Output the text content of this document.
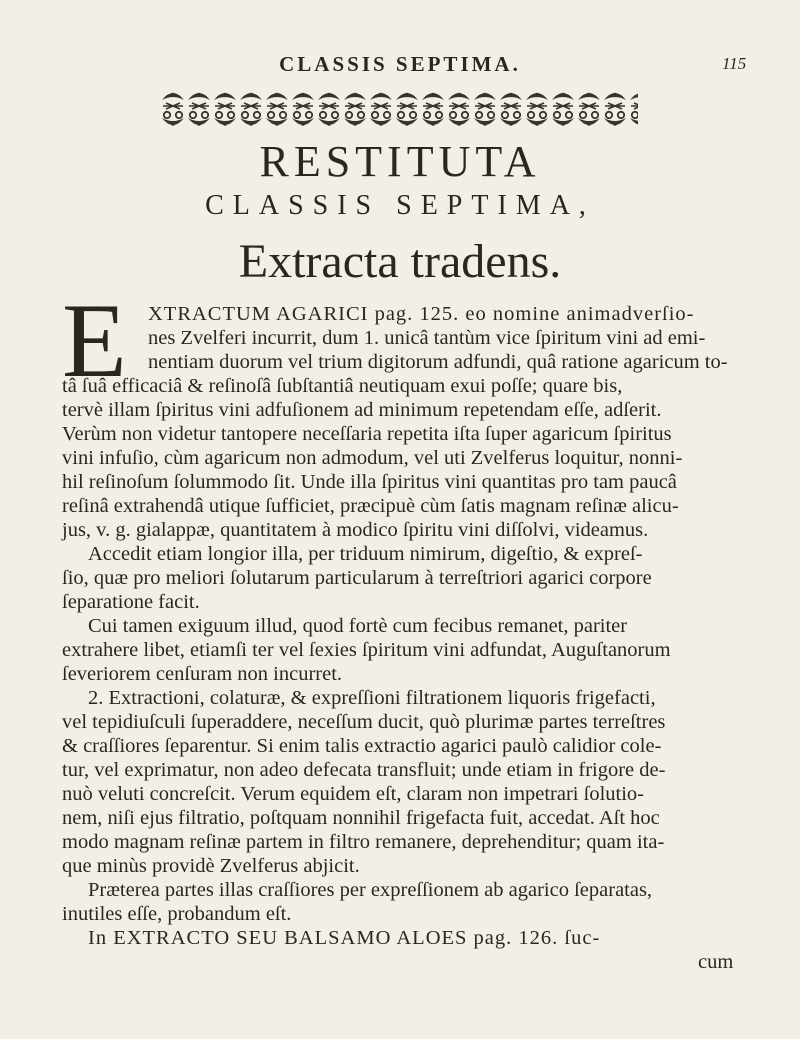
CLASSIS SEPTIMA.	115
RESTITUTA
CLASSIS SEPTIMA,
Extracta tradens.
E XTRACTUM AGARICI pag. 125. eo nomine animadverſio-
nes Zvelferi incurrit, dum 1. unicâ tantùm vice ſpiritum vini ad emi-
nentiam duorum vel trium digitorum adfundi, quâ ratione agaricum to-
tâ ſuâ efficaciâ & reſinoſâ ſubſtantiâ neutiquam exui poſſe; quare bis,
tervè illam ſpiritus vini adfuſionem ad minimum repetendam eſſe, adſerit.
Verùm non videtur tantopere neceſſaria repetita iſta ſuper agaricum ſpiritus
vini infuſio, cùm agaricum non admodum, vel uti Zvelferus loquitur, nonni-
hil reſinoſum ſolummodo ſit. Unde illa ſpiritus vini quantitas pro tam paucâ
reſinâ extrahendâ utique ſufficiet, præcipuè cùm ſatis magnam reſinæ alicu-
jus, v. g. gialappæ, quantitatem à modico ſpiritu vini diſſolvi, videamus.
Accedit etiam longior illa, per triduum nimirum, digeſtio, & expreſ-
ſio, quæ pro meliori ſolutarum particularum à terreſtriori agarici corpore
ſeparatione facit.
Cui tamen exiguum illud, quod fortè cum fecibus remanet, pariter
extrahere libet, etiamſi ter vel ſexies ſpiritum vini adfundat, Auguſtanorum
ſeveriorem cenſuram non incurret.
2. Extractioni, colaturæ, & expreſſioni filtrationem liquoris frigefacti,
vel tepidiuſculi ſuperaddere, neceſſum ducit, quò plurimæ partes terreſtres
& craſſiores ſeparentur. Si enim talis extractio agarici paulò calidior cole-
tur, vel exprimatur, non adeo defecata transfluit; unde etiam in frigore de-
nuò veluti concreſcit. Verum equidem eſt, claram non impetrari ſolutio-
nem, niſi ejus filtratio, poſtquam nonnihil frigefacta fuit, accedat. Aſt hoc
modo magnam reſinæ partem in filtro remanere, deprehenditur; quam ita-
que minùs providè Zvelferus abjicit.
Præterea partes illas craſſiores per expreſſionem ab agarico ſeparatas,
inutiles eſſe, probandum eſt.
In EXTRACTO SEU BALSAMO ALOES pag. 126. ſuc-
cum
